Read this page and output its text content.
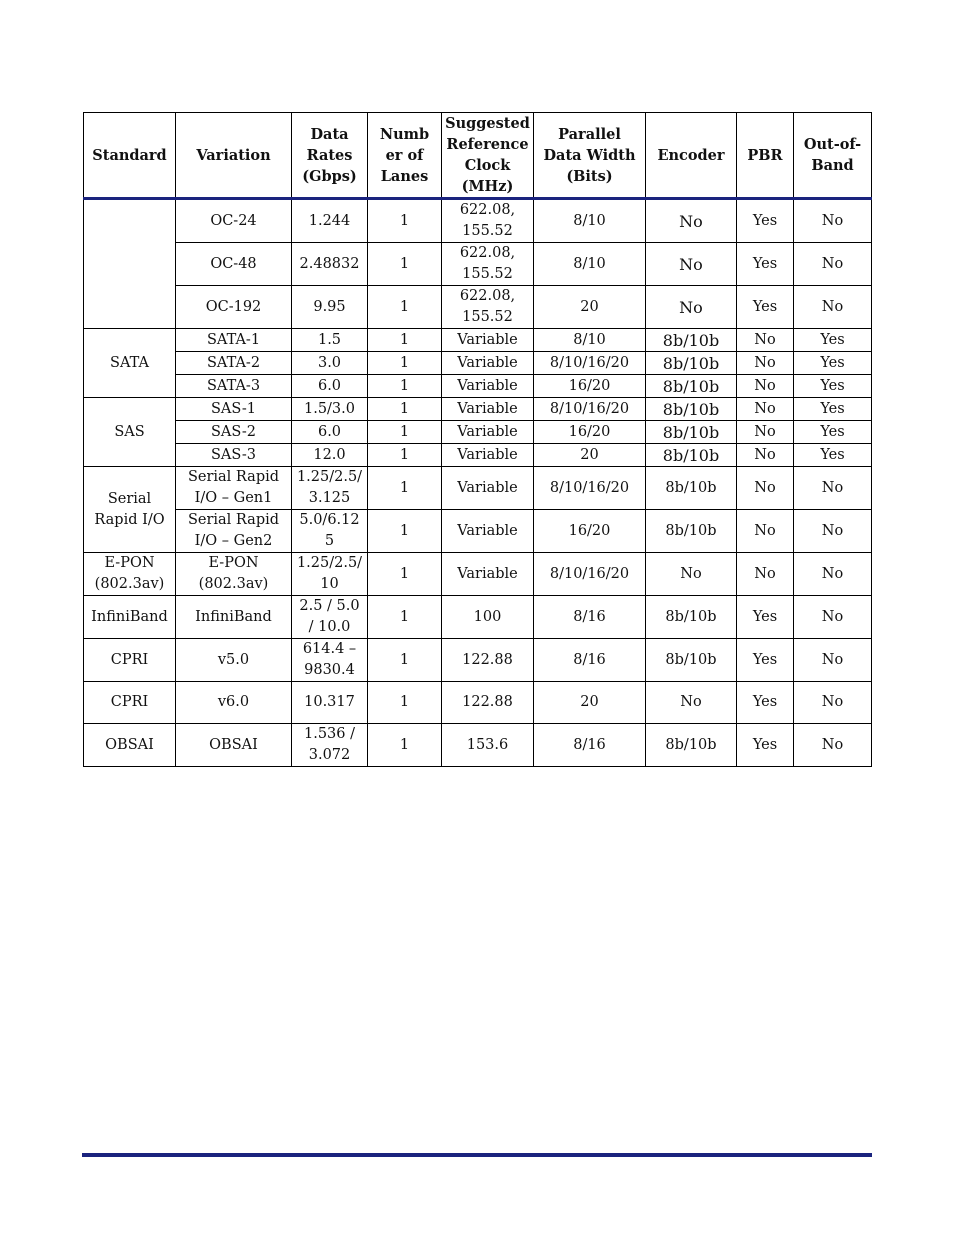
Standard	Variation	Data Rates (Gbps)	Numb er of Lanes	Suggested Reference Clock (MHz)	Parallel Data Width (Bits)	Encoder	PBR	Out-of-Band
	OC-24	1.244	1	622.08, 155.52	8/10	No	Yes	No
	OC-48	2.48832	1	622.08, 155.52	8/10	No	Yes	No
	OC-192	9.95	1	622.08, 155.52	20	No	Yes	No
SATA	SATA-1	1.5	1	Variable	8/10	8b/10b	No	Yes
	SATA-2	3.0	1	Variable	8/10/16/20	8b/10b	No	Yes
	SATA-3	6.0	1	Variable	16/20	8b/10b	No	Yes
SAS	SAS-1	1.5/3.0	1	Variable	8/10/16/20	8b/10b	No	Yes
	SAS-2	6.0	1	Variable	16/20	8b/10b	No	Yes
	SAS-3	12.0	1	Variable	20	8b/10b	No	Yes
Serial Rapid I/O	Serial Rapid I/O – Gen1	1.25/2.5/ 3.125	1	Variable	8/10/16/20	8b/10b	No	No
	Serial Rapid I/O – Gen2	5.0/6.12 5	1	Variable	16/20	8b/10b	No	No
E-PON (802.3av)	E-PON (802.3av)	1.25/2.5/ 10	1	Variable	8/10/16/20	No	No	No
InfiniBand	InfiniBand	2.5 / 5.0 / 10.0	1	100	8/16	8b/10b	Yes	No
CPRI	v5.0	614.4 – 9830.4	1	122.88	8/16	8b/10b	Yes	No
CPRI	v6.0	10.317	1	122.88	20	No	Yes	No
OBSAI	OBSAI	1.536 / 3.072	1	153.6	8/16	8b/10b	Yes	No
